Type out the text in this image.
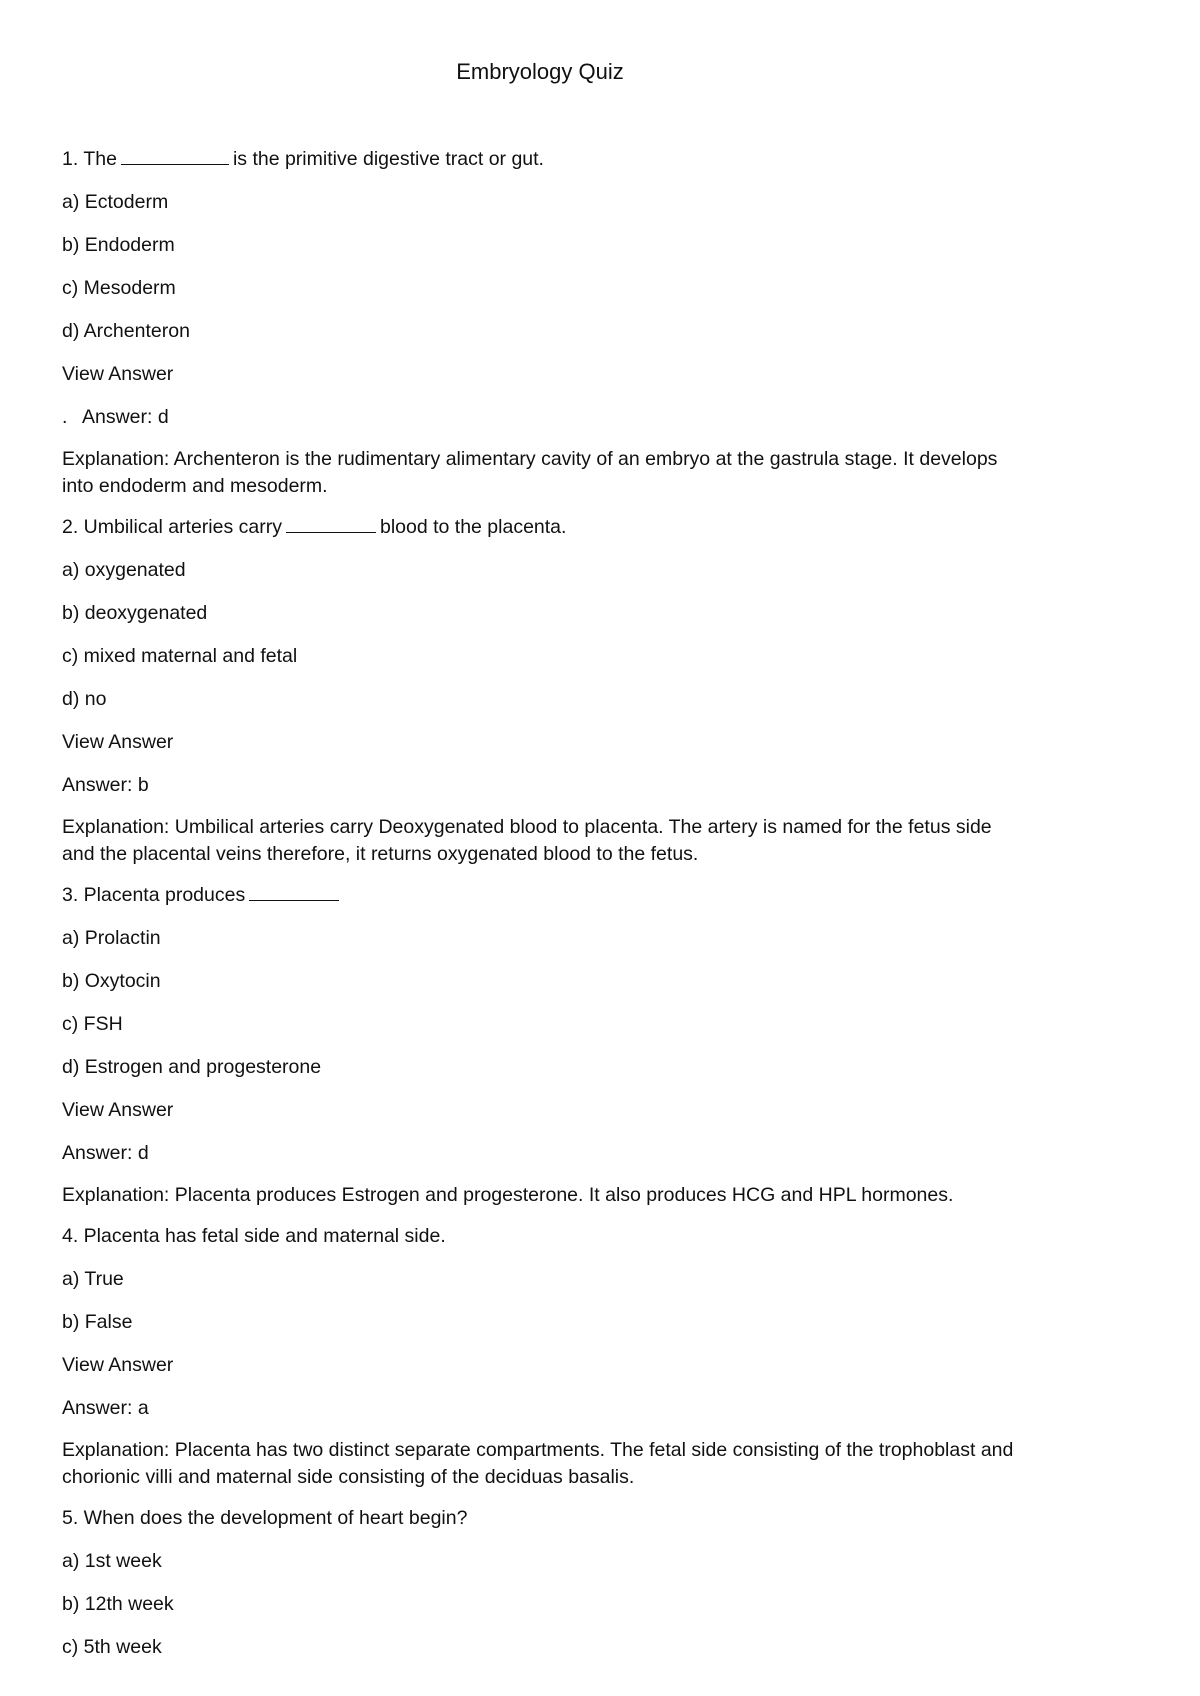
Embryology Quiz
1. The	is the primitive digestive tract or gut.
a) Ectoderm
b) Endoderm
c) Mesoderm
d) Archenteron
View Answer
. Answer: d
Explanation: Archenteron is the rudimentary alimentary cavity of an embryo at the gastrula stage. It develops into endoderm and mesoderm.
2. Umbilical arteries carry	blood to the placenta.
a) oxygenated
b) deoxygenated
c) mixed maternal and fetal
d) no
View Answer
Answer: b
Explanation: Umbilical arteries carry Deoxygenated blood to placenta. The artery is named for the fetus side and the placental veins therefore, it returns oxygenated blood to the fetus.
3. Placenta produces
a) Prolactin
b) Oxytocin
c) FSH
d) Estrogen and progesterone
View Answer
Answer: d
Explanation: Placenta produces Estrogen and progesterone. It also produces HCG and HPL hormones.
4. Placenta has fetal side and maternal side.
a) True
b) False
View Answer
Answer: a
Explanation: Placenta has two distinct separate compartments. The fetal side consisting of the trophoblast and chorionic villi and maternal side consisting of the deciduas basalis.
5. When does the development of heart begin?
a) 1st week
b) 12th week
c) 5th week
